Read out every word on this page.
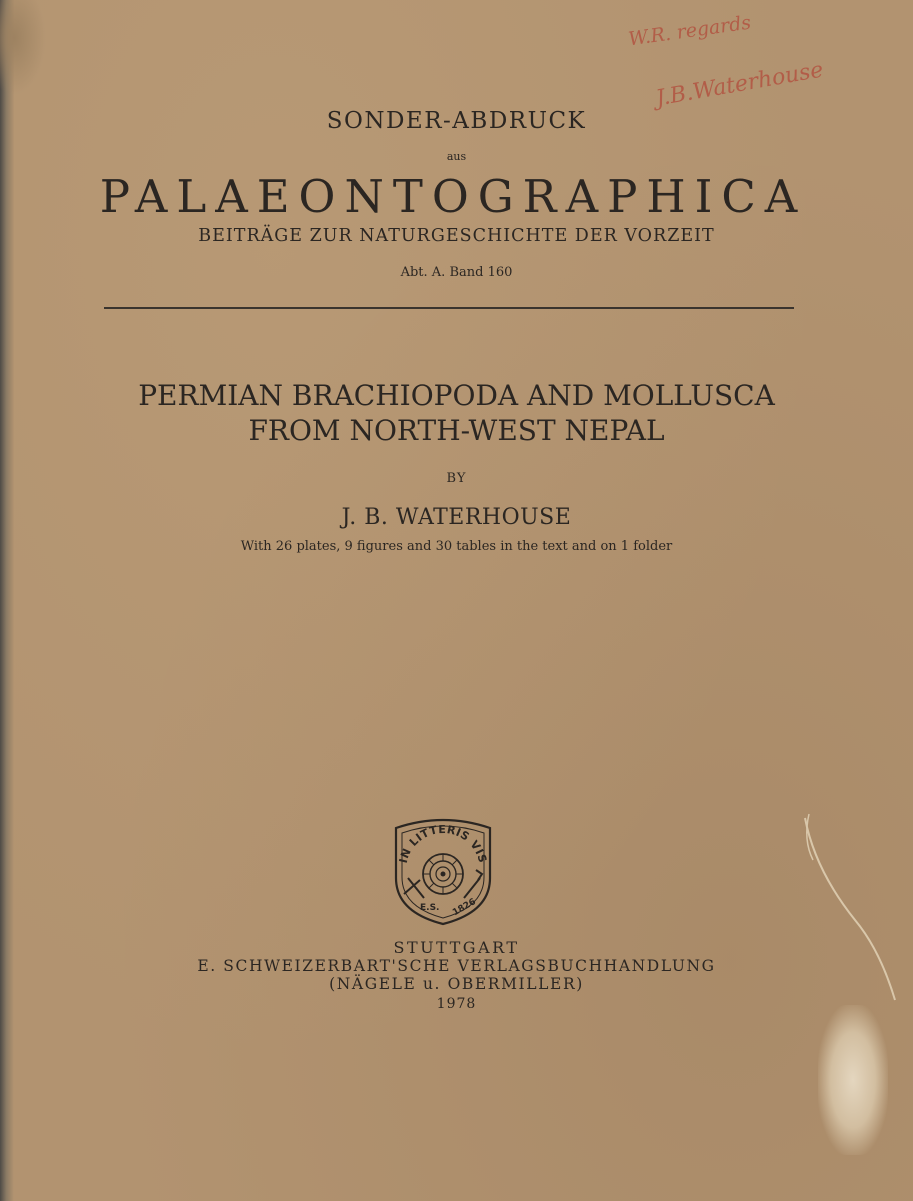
W.R. regards
J.B.Waterhouse
SONDER-ABDRUCK
aus
PALAEONTOGRAPHICA
BEITRÄGE ZUR NATURGESCHICHTE DER VORZEIT
Abt. A. Band 160
PERMIAN BRACHIOPODA AND MOLLUSCA
FROM NORTH-WEST NEPAL
BY
J. B. WATERHOUSE
With 26 plates, 9 figures and 30 tables in the text and on 1 folder
IN LITTERIS VIS
E.S. 1826
STUTTGART
E. SCHWEIZERBART'SCHE VERLAGSBUCHHANDLUNG
(NÄGELE u. OBERMILLER)
1978
